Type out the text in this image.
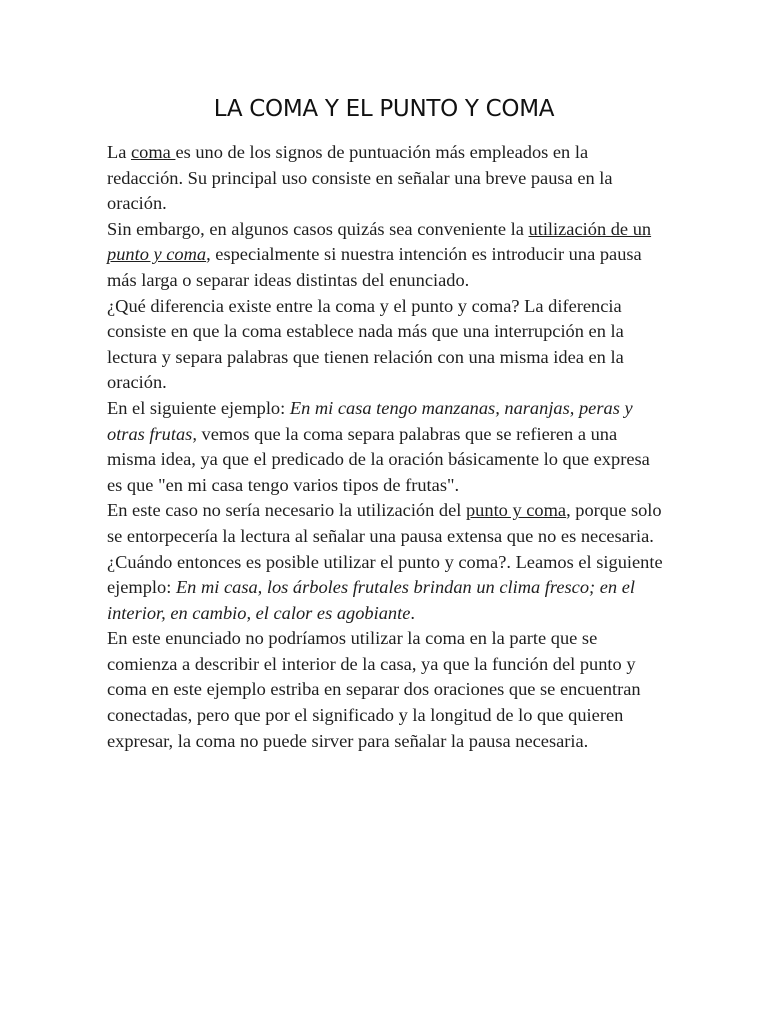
LA COMA Y EL PUNTO Y COMA

La coma es uno de los signos de puntuación más empleados en la redacción. Su principal uso consiste en señalar una breve pausa en la oración.

Sin embargo, en algunos casos quizás sea conveniente la utilización de un punto y coma, especialmente si nuestra intención es introducir una pausa más larga o separar ideas distintas del enunciado.

¿Qué diferencia existe entre la coma y el punto y coma? La diferencia consiste en que la coma establece nada más que una interrupción en la lectura y separa palabras que tienen relación con una misma idea en la oración.

En el siguiente ejemplo: En mi casa tengo manzanas, naranjas, peras y otras frutas, vemos que la coma separa palabras que se refieren a una misma idea, ya que el predicado de la oración básicamente lo que expresa es que "en mi casa tengo varios tipos de frutas".

En este caso no sería necesario la utilización del punto y coma, porque solo se entorpecería la lectura al señalar una pausa extensa que no es necesaria.

¿Cuándo entonces es posible utilizar el punto y coma?. Leamos el siguiente ejemplo: En mi casa, los árboles frutales brindan un clima fresco; en el interior, en cambio, el calor es agobiante.

En este enunciado no podríamos utilizar la coma en la parte que se comienza a describir el interior de la casa, ya que la función del punto y coma en este ejemplo estriba en separar dos oraciones que se encuentran conectadas, pero que por el significado y la longitud de lo que quieren expresar, la coma no puede sirver para señalar la pausa necesaria.
